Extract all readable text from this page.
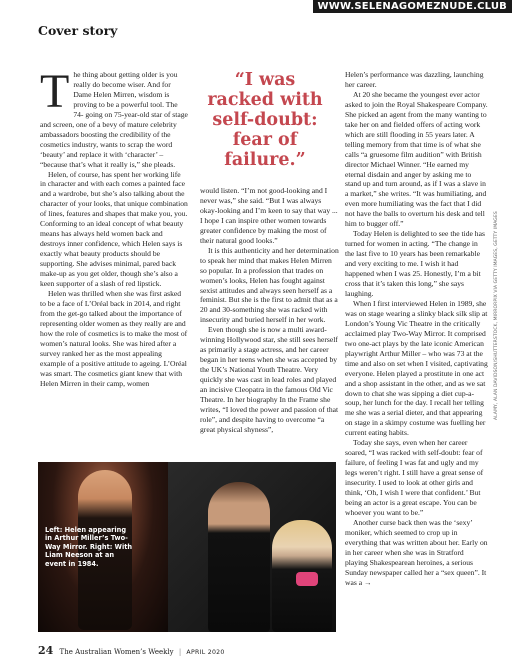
WWW.SELENAGOMEZNUDE.CLUB
Cover story
T he thing about getting older is you really do become wiser. And for Dame Helen Mirren, wisdom is proving to be a powerful tool. The 74- going on 75-year-old star of stage and screen, one of a bevy of mature celebrity ambassadors boosting the credibility of the cosmetics industry, wants to scrap the word ‘beauty’ and replace it with ‘character’ – “because that’s what it really is,” she pleads.

Helen, of course, has spent her working life in character and with each comes a painted face and a wardrobe, but she’s also talking about the character of your looks, that unique combination of lines, features and shapes that make you, you. Conforming to an ideal concept of what beauty means has always held women back and destroys inner confidence, which Helen says is exactly what beauty products should be supporting. She advises minimal, pared back make-up as you get older, though she’s also a keen supporter of a slash of red lipstick.

Helen was thrilled when she was first asked to be a face of L’Oréal back in 2014, and right from the get-go talked about the importance of representing older women as they really are and how the role of cosmetics is to make the most of women’s natural looks. She was hired after a survey ranked her as the most appealing example of a positive attitude to ageing. L’Oréal was smart. The cosmetics giant knew that with Helen Mirren in their camp, women

“I was racked with self-doubt: fear of failure.”

would listen. “I’m not good-looking and I never was,” she said. “But I was always okay-looking and I’m keen to say that way ... I hope I can inspire other women towards greater confidence by making the most of their natural good looks.”

It is this authenticity and her determination to speak her mind that makes Helen Mirren so popular. In a profession that trades on women’s looks, Helen has fought against sexist attitudes and always seen herself as a feminist. But she is the first to admit that as a 20 and 30-something she was racked with insecurity and buried herself in her work.

Even though she is now a multi award-winning Hollywood star, she still sees herself as primarily a stage actress, and her career began in her teens when she was accepted by the UK’s National Youth Theatre. Very quickly she was cast in lead roles and played an incisive Cleopatra in the famous Old Vic Theatre. In her biography In the Frame she writes, “I loved the power and passion of that role”, and despite having to overcome “a great physical shyness”,

Helen’s performance was dazzling, launching her career.

At 20 she became the youngest ever actor asked to join the Royal Shakespeare Company. She picked an agent from the many wanting to take her on and fielded offers of acting work which are still flooding in 55 years later. A telling memory from that time is of what she calls “a gruesome film audition” with British director Michael Winner. “He earned my eternal disdain and anger by asking me to stand up and turn around, as if I was a slave in a market,” she writes. “It was humiliating, and even more humiliating was the fact that I did not have the balls to overturn his desk and tell him to bugger off.”

Today Helen is delighted to see the tide has turned for women in acting. “The change in the last five to 10 years has been remarkable and very exciting to me. I wish it had happened when I was 25. Honestly, I’m a bit cross that it’s taken this long,” she says laughing.

When I first interviewed Helen in 1989, she was on stage wearing a slinky black silk slip at London’s Young Vic Theatre in the critically acclaimed play Two-Way Mirror. It comprised two one-act plays by the late iconic American playwright Arthur Miller – who was 73 at the time and also on set when I visited, captivating everyone. Helen played a prostitute in one act and a shop assistant in the other, and as we sat down to chat she was sipping a diet cup-a-soup, her lunch for the day. I recall her telling me she was a serial dieter, and that appearing on stage in a skimpy costume was fuelling her current eating habits.

Today she says, even when her career soared, “I was racked with self-doubt: fear of failure, of feeling I was fat and ugly and my legs weren’t right. I still have a great sense of insecurity. I used to look at other girls and think, ‘Oh, I wish I were that confident.’ But being an actor is a great escape. You can be whoever you want to be.”

Another curse back then was the ‘sexy’ moniker, which seemed to crop up in everything that was written about her. Early on in her career when she was in Stratford playing Shakespearean heroines, a serious Sunday newspaper called her a “sex queen”. It was a →

Left: Helen appearing in Arthur Miller’s Two-Way Mirror. Right: With Liam Neeson at an event in 1984.
ALAMY, ALAN DAVIDSON/SHUTTERSTOCK, MIRRORPIX VIA GETTY IMAGES, GETTY IMAGES
24 The Australian Women’s Weekly | APRIL 2020
